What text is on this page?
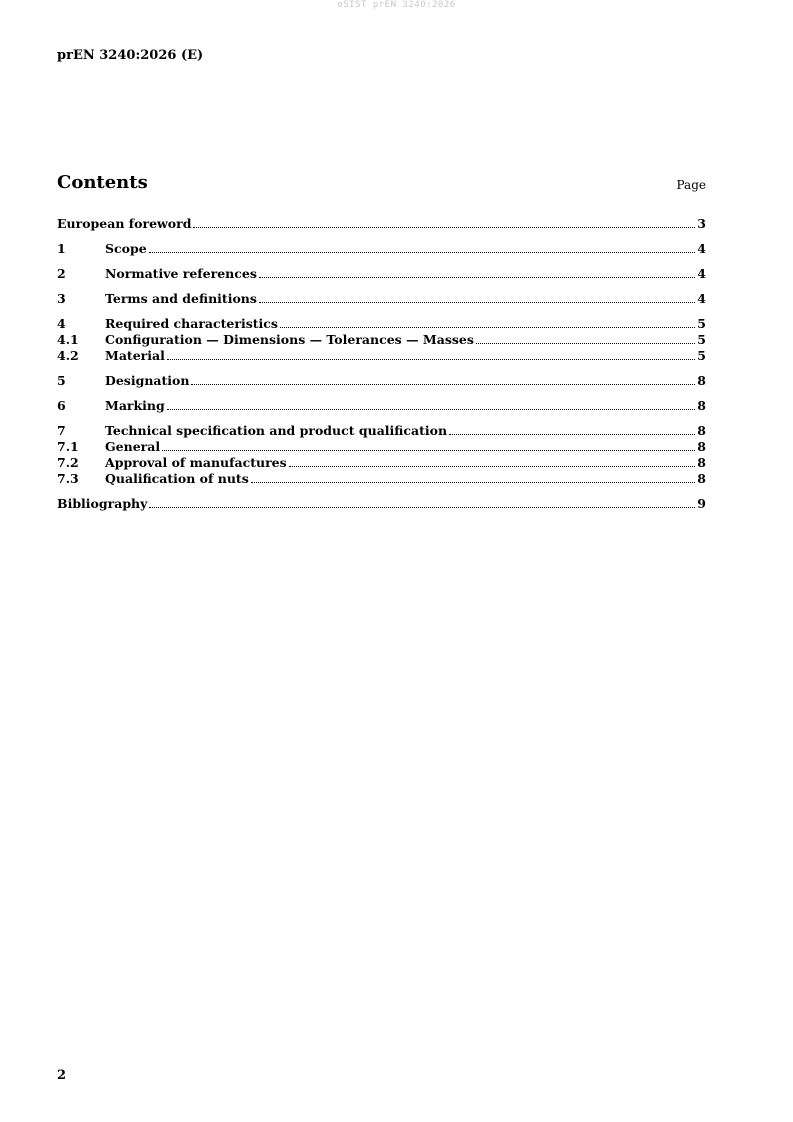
oSIST prEN 3240:2026
prEN 3240:2026 (E)
Contents	Page
European foreword	3
1	Scope	4
2	Normative references	4
3	Terms and definitions	4
4	Required characteristics	5
4.1	Configuration — Dimensions — Tolerances — Masses	5
4.2	Material	5
5	Designation	8
6	Marking	8
7	Technical specification and product qualification	8
7.1	General	8
7.2	Approval of manufactures	8
7.3	Qualification of nuts	8
Bibliography	9
2
